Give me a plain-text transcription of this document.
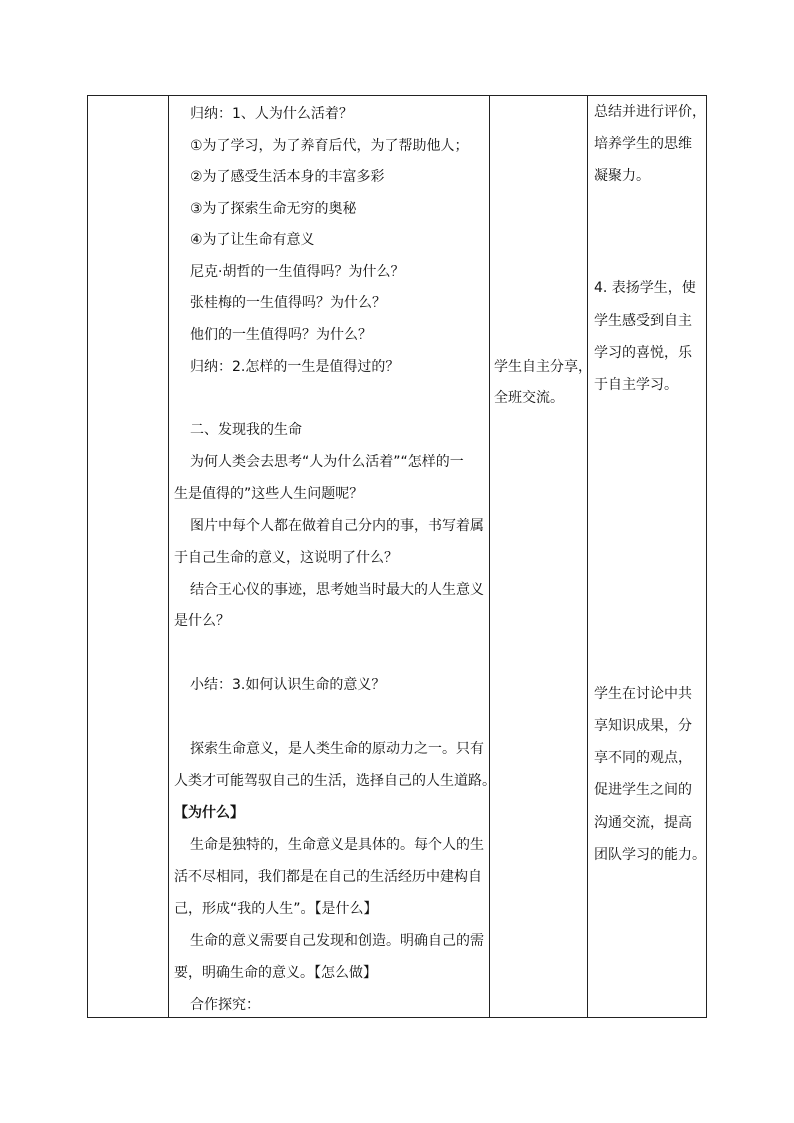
归纳：1、人为什么活着？
①为了学习，为了养育后代，为了帮助他人；
②为了感受生活本身的丰富多彩
③为了探索生命无穷的奥秘
④为了让生命有意义
尼克·胡哲的一生值得吗？为什么？
张桂梅的一生值得吗？为什么？
他们的一生值得吗？为什么？
归纳：2.怎样的一生是值得过的？
二、发现我的生命
为何人类会去思考“人为什么活着”“怎样的一
生是值得的”这些人生问题呢？
图片中每个人都在做着自己分内的事，书写着属
于自己生命的意义，这说明了什么？
结合王心仪的事迹，思考她当时最大的人生意义
是什么？
小结：3.如何认识生命的意义？
探索生命意义，是人类生命的原动力之一。只有
人类才可能驾驭自己的生活，选择自己的人生道路。
【为什么】
生命是独特的，生命意义是具体的。每个人的生
活不尽相同，我们都是在自己的生活经历中建构自
己，形成“我的人生”。【是什么】
生命的意义需要自己发现和创造。明确自己的需
要，明确生命的意义。【怎么做】
合作探究：
学生自主分享，
全班交流。
总结并进行评价，
培养学生的思维
凝聚力。
4. 表扬学生，使
学生感受到自主
学习的喜悦，乐
于自主学习。
学生在讨论中共
享知识成果，分
享不同的观点，
促进学生之间的
沟通交流，提高
团队学习的能力。
